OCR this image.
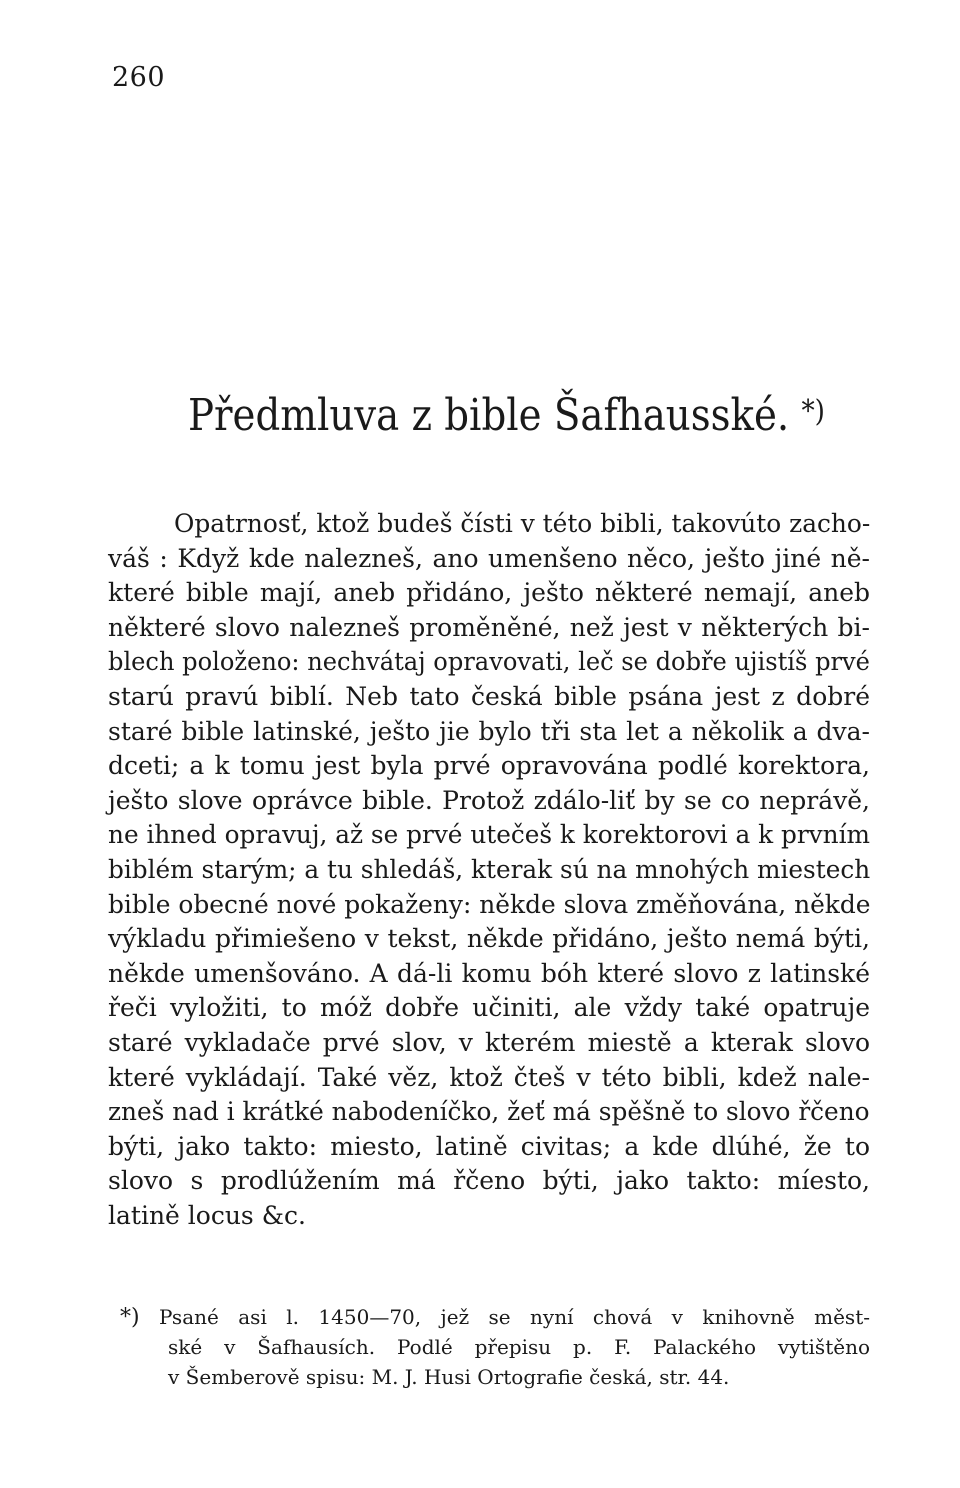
260
Předmluva z bible Šafhausské. *)
Opatrnosť, ktož budeš čísti v této bibli, takovúto zacho-
váš : Když kde nalezneš, ano umenšeno něco, ješto jiné ně-
které bible mají, aneb přidáno, ješto některé nemají, aneb
některé slovo nalezneš proměněné, než jest v některých bi-
blech položeno: nechvátaj opravovati, leč se dobře ujistíš prvé
starú pravú biblí. Neb tato česká bible psána jest z dobré
staré bible latinské, ješto jie bylo tři sta let a několik a dva-
dceti; a k tomu jest byla prvé opravována podlé korektora,
ješto slove oprávce bible. Protož zdálo-liť by se co neprávě,
ne ihned opravuj, až se prvé utečeš k korektorovi a k prvním
biblém starým; a tu shledáš, kterak sú na mnohých miestech
bible obecné nové pokaženy: někde slova změňována, někde
výkladu přimiešeno v tekst, někde přidáno, ješto nemá býti,
někde umenšováno. A dá-li komu bóh které slovo z latinské
řeči vyložiti, to móž dobře učiniti, ale vždy také opatruje
staré vykladače prvé slov, v kterém miestě a kterak slovo
které vykládají. Také věz, ktož čteš v této bibli, kdež nale-
zneš nad i krátké nabodeníčko, žeť má spěšně to slovo řčeno
býti, jako takto: miesto, latině civitas; a kde dlúhé, že to
slovo s prodlúžením má řčeno býti, jako takto: míesto,
latině locus &c.
*) Psané asi l. 1450—70, jež se nyní chová v knihovně měst-
ské v Šafhausích. Podlé přepisu p. F. Palackého vytištěno
v Šemberově spisu: M. J. Husi Ortografie česká, str. 44.
